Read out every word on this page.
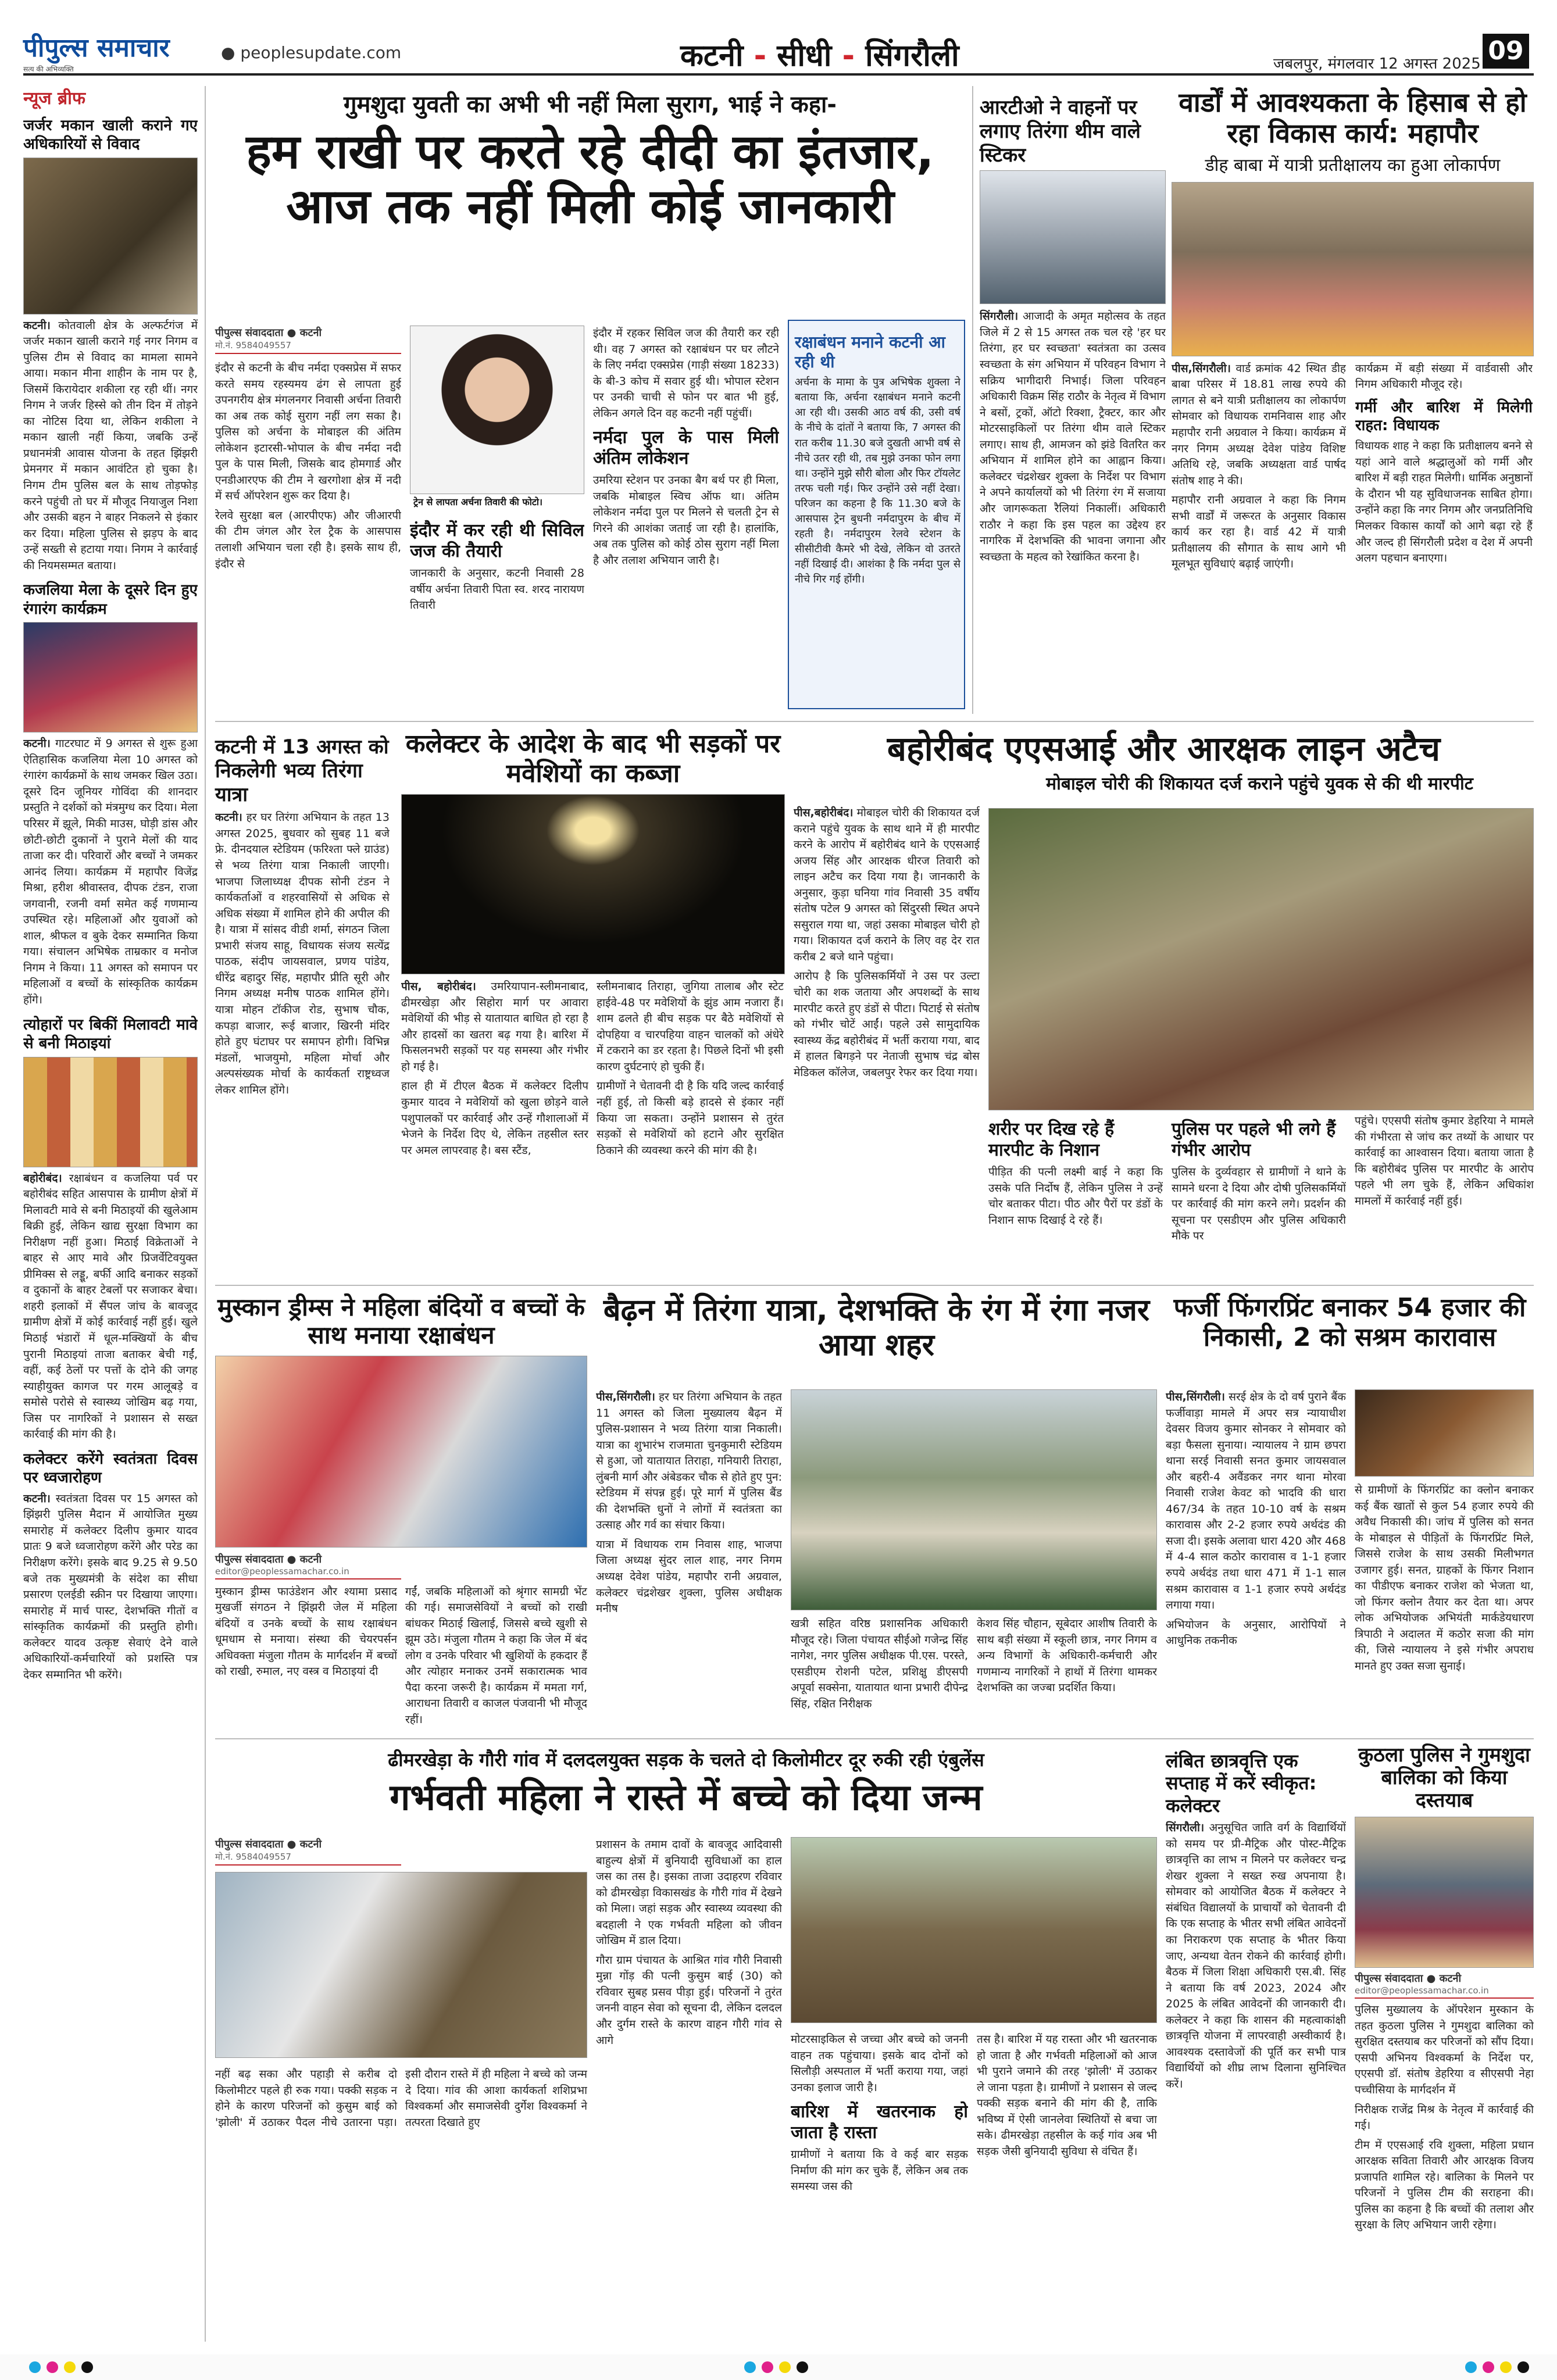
पीपुल्स समाचार
सत्य की अभिव्यक्ति
● peoplesupdate.com	कटनी - सीधी - सिंगरौली	जबलपुर, मंगलवार 12 अगस्त 2025 09
न्यूज ब्रीफ
जर्जर मकान खाली कराने गए अधिकारियों से विवाद

कटनी। कोतवाली क्षेत्र के अल्फर्टगंज में जर्जर मकान खाली कराने गई नगर निगम व पुलिस टीम से विवाद का मामला सामने आया। मकान मीना शाहीन के नाम पर है, जिसमें किरायेदार शकीला रह रही थीं। नगर निगम ने जर्जर हिस्से को तीन दिन में तोड़ने का नोटिस दिया था, लेकिन शकीला ने मकान खाली नहीं किया, जबकि उन्हें प्रधानमंत्री आवास योजना के तहत झिंझरी प्रेमनगर में मकान आवंटित हो चुका है। निगम टीम पुलिस बल के साथ तोड़फोड़ करने पहुंची तो घर में मौजूद नियाजुल निशा और उसकी बहन ने बाहर निकलने से इंकार कर दिया। महिला पुलिस से झड़प के बाद उन्हें सख्ती से हटाया गया। निगम ने कार्रवाई की नियमसम्मत बताया।

कजलिया मेला के दूसरे दिन हुए रंगारंग कार्यक्रम

कटनी। गाटरघाट में 9 अगस्त से शुरू हुआ ऐतिहासिक कजलिया मेला 10 अगस्त को रंगारंग कार्यक्रमों के साथ जमकर खिल उठा। दूसरे दिन जूनियर गोविंदा की शानदार प्रस्तुति ने दर्शकों को मंत्रमुग्ध कर दिया। मेला परिसर में झूले, मिकी माउस, घोड़ी डांस और छोटी-छोटी दुकानों ने पुराने मेलों की याद ताजा कर दी। परिवारों और बच्चों ने जमकर आनंद लिया। कार्यक्रम में महापौर विजेंद्र मिश्रा, हरीश श्रीवास्तव, दीपक टंडन, राजा जगवानी, रजनी वर्मा समेत कई गणमान्य उपस्थित रहे। महिलाओं और युवाओं को शाल, श्रीफल व बुके देकर सम्मानित किया गया। संचालन अभिषेक ताम्रकार व मनोज निगम ने किया। 11 अगस्त को समापन पर महिलाओं व बच्चों के सांस्कृतिक कार्यक्रम होंगे।

त्योहारों पर बिकीं मिलावटी मावे से बनी मिठाइयां

बहोरीबंद। रक्षाबंधन व कजलिया पर्व पर बहोरीबंद सहित आसपास के ग्रामीण क्षेत्रों में मिलावटी मावे से बनी मिठाइयों की खुलेआम बिक्री हुई, लेकिन खाद्य सुरक्षा विभाग का निरीक्षण नहीं हुआ। मिठाई विक्रेताओं ने बाहर से आए मावे और प्रिजर्वेटिवयुक्त प्रीमिक्स से लड्डू, बर्फी आदि बनाकर सड़कों व दुकानों के बाहर टेबलों पर सजाकर बेचा। शहरी इलाकों में सैंपल जांच के बावजूद ग्रामीण क्षेत्रों में कोई कार्रवाई नहीं हुई। खुले मिठाई भंडारों में धूल-मक्खियों के बीच पुरानी मिठाइयां ताजा बताकर बेची गईं, वहीं, कई ठेलों पर पत्तों के दोने की जगह स्याहीयुक्त कागज पर गरम आलूबड़े व समोसे परोसे से स्वास्थ्य जोखिम बढ़ गया, जिस पर नागरिकों ने प्रशासन से सख्त कार्रवाई की मांग की है।

कलेक्टर करेंगे स्वतंत्रता दिवस पर ध्वजारोहण

कटनी। स्वतंत्रता दिवस पर 15 अगस्त को झिंझरी पुलिस मैदान में आयोजित मुख्य समारोह में कलेक्टर दिलीप कुमार यादव प्रातः 9 बजे ध्वजारोहण करेंगे और परेड का निरीक्षण करेंगे। इसके बाद 9.25 से 9.50 बजे तक मुख्यमंत्री के संदेश का सीधा प्रसारण एलईडी स्क्रीन पर दिखाया जाएगा। समारोह में मार्च पास्ट, देशभक्ति गीतों व सांस्कृतिक कार्यक्रमों की प्रस्तुति होगी। कलेक्टर यादव उत्कृष्ट सेवाएं देने वाले अधिकारियों-कर्मचारियों को प्रशस्ति पत्र देकर सम्मानित भी करेंगे।

गुमशुदा युवती का अभी भी नहीं मिला सुराग, भाई ने कहा-
हम राखी पर करते रहे दीदी का इंतजार, आज तक नहीं मिली कोई जानकारी
पीपुल्स संवाददाता ● कटनी
मो.नं. 9584049557

इंदौर से कटनी के बीच नर्मदा एक्सप्रेस में सफर करते समय रहस्यमय ढंग से लापता हुई उपनगरीय क्षेत्र मंगलनगर निवासी अर्चना तिवारी का अब तक कोई सुराग नहीं लग सका है। पुलिस को अर्चना के मोबाइल की अंतिम लोकेशन इटारसी-भोपाल के बीच नर्मदा नदी पुल के पास मिली, जिसके बाद होमगार्ड और एनडीआरएफ की टीम ने खरगोशा क्षेत्र में नदी में सर्च ऑपरेशन शुरू कर दिया है।

रेलवे सुरक्षा बल (आरपीएफ) और जीआरपी की टीम जंगल और रेल ट्रैक के आसपास तलाशी अभियान चला रही है। इसके साथ ही, इंदौर से

ट्रेन से लापता अर्चना तिवारी की फोटो।
इंदौर में कर रही थी सिविल जज की तैयारी

जानकारी के अनुसार, कटनी निवासी 28 वर्षीय अर्चना तिवारी पिता स्व. शरद नारायण तिवारी

इंदौर में रहकर सिविल जज की तैयारी कर रही थी। वह 7 अगस्त को रक्षाबंधन पर घर लौटने के लिए नर्मदा एक्सप्रेस (गाड़ी संख्या 18233) के बी-3 कोच में सवार हुई थी। भोपाल स्टेशन पर उनकी चाची से फोन पर बात भी हुई, लेकिन अगले दिन वह कटनी नहीं पहुंचीं।

नर्मदा पुल के पास मिली अंतिम लोकेशन

उमरिया स्टेशन पर उनका बैग बर्थ पर ही मिला, जबकि मोबाइल स्विच ऑफ था। अंतिम लोकेशन नर्मदा पुल पर मिलने से चलती ट्रेन से गिरने की आशंका जताई जा रही है। हालांकि, अब तक पुलिस को कोई ठोस सुराग नहीं मिला है और तलाश अभियान जारी है।

रक्षाबंधन मनाने कटनी आ रही थी

अर्चना के मामा के पुत्र अभिषेक शुक्ला ने बताया कि, अर्चना रक्षाबंधन मनाने कटनी आ रही थी। उसकी आठ वर्ष की, उसी वर्ष के नीचे के दांतों ने बताया कि, 7 अगस्त की रात करीब 11.30 बजे दुखती आभी वर्ष से नीचे उतर रही थी, तब मुझे उनका फोन लगा था। उन्होंने मुझे सौरी बोला और फिर टॉयलेट तरफ चली गई। फिर उन्होंने उसे नहीं देखा। परिजन का कहना है कि 11.30 बजे के आसपास ट्रेन बुधनी नर्मदापुरम के बीच में रहती है। नर्मदापुरम रेलवे स्टेशन के सीसीटीवी कैमरे भी देखे, लेकिन वो उतरते नहीं दिखाई दी। आशंका है कि नर्मदा पुल से नीचे गिर गई होंगी।

आरटीओ ने वाहनों पर लगाए तिरंगा थीम वाले स्टिकर

सिंगरौली। आजादी के अमृत महोत्सव के तहत जिले में 2 से 15 अगस्त तक चल रहे 'हर घर तिरंगा, हर घर स्वच्छता' स्वतंत्रता का उत्सव स्वच्छता के संग अभियान में परिवहन विभाग ने सक्रिय भागीदारी निभाई। जिला परिवहन अधिकारी विक्रम सिंह राठौर के नेतृत्व में विभाग ने बसों, ट्रकों, ऑटो रिक्शा, ट्रैक्टर, कार और मोटरसाइकिलों पर तिरंगा थीम वाले स्टिकर लगाए। साथ ही, आमजन को झंडे वितरित कर अभियान में शामिल होने का आह्वान किया। कलेक्टर चंद्रशेखर शुक्ला के निर्देश पर विभाग ने अपने कार्यालयों को भी तिरंगा रंग में सजाया और जागरूकता रैलियां निकालीं। अधिकारी राठौर ने कहा कि इस पहल का उद्देश्य हर नागरिक में देशभक्ति की भावना जगाना और स्वच्छता के महत्व को रेखांकित करना है।

वार्डों में आवश्यकता के हिसाब से हो रहा विकास कार्य: महापौर
डीह बाबा में यात्री प्रतीक्षालय का हुआ लोकार्पण

पीस,सिंगरौली। वार्ड क्रमांक 42 स्थित डीह बाबा परिसर में 18.81 लाख रुपये की लागत से बने यात्री प्रतीक्षालय का लोकार्पण सोमवार को विधायक रामनिवास शाह और महापौर रानी अग्रवाल ने किया। कार्यक्रम में नगर निगम अध्यक्ष देवेश पांडेय विशिष्ट अतिथि रहे, जबकि अध्यक्षता वार्ड पार्षद संतोष शाह ने की।

महापौर रानी अग्रवाल ने कहा कि निगम सभी वार्डों में जरूरत के अनुसार विकास कार्य कर रहा है। वार्ड 42 में यात्री प्रतीक्षालय की सौगात के साथ आगे भी मूलभूत सुविधाएं बढ़ाई जाएंगी।

कार्यक्रम में बड़ी संख्या में वार्डवासी और निगम अधिकारी मौजूद रहे।

गर्मी और बारिश में मिलेगी राहत: विधायक

विधायक शाह ने कहा कि प्रतीक्षालय बनने से यहां आने वाले श्रद्धालुओं को गर्मी और बारिश में बड़ी राहत मिलेगी। धार्मिक अनुष्ठानों के दौरान भी यह सुविधाजनक साबित होगा। उन्होंने कहा कि नगर निगम और जनप्रतिनिधि मिलकर विकास कार्यों को आगे बढ़ा रहे हैं और जल्द ही सिंगरौली प्रदेश व देश में अपनी अलग पहचान बनाएगा।

कटनी में 13 अगस्त को निकलेगी भव्य तिरंगा यात्रा

कटनी। हर घर तिरंगा अभियान के तहत 13 अगस्त 2025, बुधवार को सुबह 11 बजे फ्रे. दीनदयाल स्टेडियम (फरिश्ता फ्ले ग्राउंड) से भव्य तिरंगा यात्रा निकाली जाएगी। भाजपा जिलाध्यक्ष दीपक सोनी टंडन ने कार्यकर्ताओं व शहरवासियों से अधिक से अधिक संख्या में शामिल होने की अपील की है। यात्रा में सांसद वीडी शर्मा, संगठन जिला प्रभारी संजय साहू, विधायक संजय सत्येंद्र पाठक, संदीप जायसवाल, प्रणय पांडेय, धीरेंद्र बहादुर सिंह, महापौर प्रीति सूरी और निगम अध्यक्ष मनीष पाठक शामिल होंगे। यात्रा मोहन टॉकीज रोड, सुभाष चौक, कपड़ा बाजार, रूई बाजार, खिरनी मंदिर होते हुए घंटाघर पर समापन होगी। विभिन्न मंडलों, भाजयुमो, महिला मोर्चा और अल्पसंख्यक मोर्चा के कार्यकर्ता राष्ट्रध्वज लेकर शामिल होंगे।

कलेक्टर के आदेश के बाद भी सड़कों पर मवेशियों का कब्जा

पीस, बहोरीबंद। उमरियापान-स्लीमनाबाद, ढीमरखेड़ा और सिहोरा मार्ग पर आवारा मवेशियों की भीड़ से यातायात बाधित हो रहा है और हादसों का खतरा बढ़ गया है। बारिश में फिसलनभरी सड़कों पर यह समस्या और गंभीर हो गई है।

हाल ही में टीएल बैठक में कलेक्टर दिलीप कुमार यादव ने मवेशियों को खुला छोड़ने वाले पशुपालकों पर कार्रवाई और उन्हें गौशालाओं में भेजने के निर्देश दिए थे, लेकिन तहसील स्तर पर अमल लापरवाह है। बस स्टैंड,

स्लीमनाबाद तिराहा, जुगिया तालाब और स्टेट हाईवे-48 पर मवेशियों के झुंड आम नजारा हैं। शाम ढलते ही बीच सड़क पर बैठे मवेशियों से दोपहिया व चारपहिया वाहन चालकों को अंधेरे में टकराने का डर रहता है। पिछले दिनों भी इसी कारण दुर्घटनाएं हो चुकी हैं।

ग्रामीणों ने चेतावनी दी है कि यदि जल्द कार्रवाई नहीं हुई, तो किसी बड़े हादसे से इंकार नहीं किया जा सकता। उन्होंने प्रशासन से तुरंत सड़कों से मवेशियों को हटाने और सुरक्षित ठिकाने की व्यवस्था करने की मांग की है।

बहोरीबंद एएसआई और आरक्षक लाइन अटैच
मोबाइल चोरी की शिकायत दर्ज कराने पहुंचे युवक से की थी मारपीट

पीस,बहोरीबंद। मोबाइल चोरी की शिकायत दर्ज कराने पहुंचे युवक के साथ थाने में ही मारपीट करने के आरोप में बहोरीबंद थाने के एएसआई अजय सिंह और आरक्षक धीरज तिवारी को लाइन अटैच कर दिया गया है। जानकारी के अनुसार, कुड़ा घनिया गांव निवासी 35 वर्षीय संतोष पटेल 9 अगस्त को सिंदुरसी स्थित अपने ससुराल गया था, जहां उसका मोबाइल चोरी हो गया। शिकायत दर्ज कराने के लिए वह देर रात करीब 2 बजे थाने पहुंचा।

आरोप है कि पुलिसकर्मियों ने उस पर उल्टा चोरी का शक जताया और अपशब्दों के साथ मारपीट करते हुए डंडों से पीटा। पिटाई से संतोष को गंभीर चोटें आईं। पहले उसे सामुदायिक स्वास्थ्य केंद्र बहोरीबंद में भर्ती कराया गया, बाद में हालत बिगड़ने पर नेताजी सुभाष चंद्र बोस मेडिकल कॉलेज, जबलपुर रेफर कर दिया गया।

शरीर पर दिख रहे हैं मारपीट के निशान

पीड़ित की पत्नी लक्ष्मी बाई ने कहा कि उसके पति निर्दोष हैं, लेकिन पुलिस ने उन्हें चोर बताकर पीटा। पीठ और पैरों पर डंडों के निशान साफ दिखाई दे रहे हैं।

पुलिस पर पहले भी लगे हैं गंभीर आरोप

पुलिस के दुर्व्यवहार से ग्रामीणों ने थाने के सामने धरना दे दिया और दोषी पुलिसकर्मियों पर कार्रवाई की मांग करने लगे। प्रदर्शन की सूचना पर एसडीएम और पुलिस अधिकारी मौके पर

पहुंचे। एएसपी संतोष कुमार डेहरिया ने मामले की गंभीरता से जांच कर तथ्यों के आधार पर कार्रवाई का आश्वासन दिया। बताया जाता है कि बहोरीबंद पुलिस पर मारपीट के आरोप पहले भी लग चुके हैं, लेकिन अधिकांश मामलों में कार्रवाई नहीं हुई।

मुस्कान ड्रीम्स ने महिला बंदियों व बच्चों के साथ मनाया रक्षाबंधन
पीपुल्स संवाददाता ● कटनी
editor@peoplessamachar.co.in

मुस्कान ड्रीम्स फाउंडेशन और श्यामा प्रसाद मुखर्जी संगठन ने झिंझरी जेल में महिला बंदियों व उनके बच्चों के साथ रक्षाबंधन धूमधाम से मनाया। संस्था की चेयरपर्सन अधिवक्ता मंजुला गौतम के मार्गदर्शन में बच्चों को राखी, रुमाल, नए वस्त्र व मिठाइयां दी

गईं, जबकि महिलाओं को श्रृंगार सामग्री भेंट की गई। समाजसेवियों ने बच्चों को राखी बांधकर मिठाई खिलाई, जिससे बच्चे खुशी से झूम उठे। मंजुला गौतम ने कहा कि जेल में बंद लोग व उनके परिवार भी खुशियों के हकदार हैं और त्योहार मनाकर उनमें सकारात्मक भाव पैदा करना जरूरी है। कार्यक्रम में ममता गर्ग, आराधना तिवारी व काजल पंजवानी भी मौजूद रहीं।

बैढ़न में तिरंगा यात्रा, देशभक्ति के रंग में रंगा नजर आया शहर

पीस,सिंगरौली। हर घर तिरंगा अभियान के तहत 11 अगस्त को जिला मुख्यालय बैढ़न में पुलिस-प्रशासन ने भव्य तिरंगा यात्रा निकाली। यात्रा का शुभारंभ राजमाता चुनकुमारी स्टेडियम से हुआ, जो यातायात तिराहा, गनियारी तिराहा, लुंबनी मार्ग और अंबेडकर चौक से होते हुए पुन: स्टेडियम में संपन्न हुई। पूरे मार्ग में पुलिस बैंड की देशभक्ति धुनों ने लोगों में स्वतंत्रता का उत्साह और गर्व का संचार किया।

यात्रा में विधायक राम निवास शाह, भाजपा जिला अध्यक्ष सुंदर लाल शाह, नगर निगम अध्यक्ष देवेश पांडेय, महापौर रानी अग्रवाल, कलेक्टर चंद्रशेखर शुक्ला, पुलिस अधीक्षक मनीष

खत्री सहित वरिष्ठ प्रशासनिक अधिकारी मौजूद रहे। जिला पंचायत सीईओ गजेन्द्र सिंह नागेश, नगर पुलिस अधीक्षक पी.एस. परस्ते, एसडीएम रोशनी पटेल, प्रशिक्षु डीएसपी अपूर्वा सक्सेना, यातायात थाना प्रभारी दीपेन्द्र सिंह, रक्षित निरीक्षक

केशव सिंह चौहान, सूबेदार आशीष तिवारी के साथ बड़ी संख्या में स्कूली छात्र, नगर निगम व अन्य विभागों के अधिकारी-कर्मचारी और गणमान्य नागरिकों ने हाथों में तिरंगा थामकर देशभक्ति का जज्बा प्रदर्शित किया।

फर्जी फिंगरप्रिंट बनाकर 54 हजार की निकासी, 2 को सश्रम कारावास

पीस,सिंगरौली। सरई क्षेत्र के दो वर्ष पुराने बैंक फर्जीवाड़ा मामले में अपर सत्र न्यायाधीश देवसर विजय कुमार सोनकर ने सोमवार को बड़ा फैसला सुनाया। न्यायालय ने ग्राम छपरा थाना सरई निवासी सनत कुमार जायसवाल और बहरी-4 अवैंडकर नगर थाना मोरवा निवासी राजेश केवट को भादवि की धारा 467/34 के तहत 10-10 वर्ष के सश्रम कारावास और 2-2 हजार रुपये अर्थदंड की सजा दी। इसके अलावा धारा 420 और 468 में 4-4 साल कठोर कारावास व 1-1 हजार रुपये अर्थदंड तथा धारा 471 में 1-1 साल सश्रम कारावास व 1-1 हजार रुपये अर्थदंड लगाया गया।

अभियोजन के अनुसार, आरोपियों ने आधुनिक तकनीक

से ग्रामीणों के फिंगरप्रिंट का क्लोन बनाकर कई बैंक खातों से कुल 54 हजार रुपये की अवैध निकासी की। जांच में पुलिस को सनत के मोबाइल से पीड़ितों के फिंगरप्रिंट मिले, जिससे राजेश के साथ उसकी मिलीभगत उजागर हुई। सनत, ग्राहकों के फिंगर निशान का पीडीएफ बनाकर राजेश को भेजता था, जो फिंगर क्लोन तैयार कर देता था। अपर लोक अभियोजक अभियंती मार्कडेयधारण त्रिपाठी ने अदालत में कठोर सजा की मांग की, जिसे न्यायालय ने इसे गंभीर अपराध मानते हुए उक्त सजा सुनाई।

ढीमरखेड़ा के गौरी गांव में दलदलयुक्त सड़क के चलते दो किलोमीटर दूर रुकी रही एंबुलेंस
गर्भवती महिला ने रास्ते में बच्चे को दिया जन्म
पीपुल्स संवाददाता ● कटनी
मो.नं. 9584049557

प्रशासन के तमाम दावों के बावजूद आदिवासी बाहुल्य क्षेत्रों में बुनियादी सुविधाओं का हाल जस का तस है। इसका ताजा उदाहरण रविवार को ढीमरखेड़ा विकासखंड के गौरी गांव में देखने को मिला। जहां सड़क और स्वास्थ्य व्यवस्था की बदहाली ने एक गर्भवती महिला को जीवन जोखिम में डाल दिया।

गौरा ग्राम पंचायत के आश्रित गांव गौरी निवासी मुन्ना गोंड़ की पत्नी कुसुम बाई (30) को रविवार सुबह प्रसव पीड़ा हुई। परिजनों ने तुरंत जननी वाहन सेवा को सूचना दी, लेकिन दलदल और दुर्गम रास्ते के कारण वाहन गौरी गांव से आगे

नहीं बढ़ सका और पहाड़ी से करीब दो किलोमीटर पहले ही रुक गया। पक्की सड़क न होने के कारण परिजनों को कुसुम बाई को 'झोली' में उठाकर पैदल नीचे उतारना पड़ा। इसी दौरान रास्ते में ही महिला ने बच्चे को जन्म दे दिया। गांव की आशा कार्यकर्ता शशिप्रभा विश्वकर्मा और समाजसेवी दुर्गेश विश्वकर्मा ने तत्परता दिखाते हुए

मोटरसाइकिल से जच्चा और बच्चे को जननी वाहन तक पहुंचाया। इसके बाद दोनों को सिलौड़ी अस्पताल में भर्ती कराया गया, जहां उनका इलाज जारी है।

बारिश में खतरनाक हो जाता है रास्ता

ग्रामीणों ने बताया कि वे कई बार सड़क निर्माण की मांग कर चुके हैं, लेकिन अब तक समस्या जस की

तस है। बारिश में यह रास्ता और भी खतरनाक हो जाता है और गर्भवती महिलाओं को आज भी पुराने जमाने की तरह 'झोली' में उठाकर ले जाना पड़ता है। ग्रामीणों ने प्रशासन से जल्द पक्की सड़क बनाने की मांग की है, ताकि भविष्य में ऐसी जानलेवा स्थितियों से बचा जा सके। ढीमरखेड़ा तहसील के कई गांव अब भी सड़क जैसी बुनियादी सुविधा से वंचित हैं।

लंबित छात्रवृत्ति एक सप्ताह में करें स्वीकृत: कलेक्टर

सिंगरौली। अनुसूचित जाति वर्ग के विद्यार्थियों को समय पर प्री-मैट्रिक और पोस्ट-मैट्रिक छात्रवृत्ति का लाभ न मिलने पर कलेक्टर चन्द्र शेखर शुक्ला ने सख्त रुख अपनाया है। सोमवार को आयोजित बैठक में कलेक्टर ने संबंधित विद्यालयों के प्राचार्यों को चेतावनी दी कि एक सप्ताह के भीतर सभी लंबित आवेदनों का निराकरण एक सप्ताह के भीतर किया जाए, अन्यथा वेतन रोकने की कार्रवाई होगी। बैठक में जिला शिक्षा अधिकारी एस.बी. सिंह ने बताया कि वर्ष 2023, 2024 और 2025 के लंबित आवेदनों की जानकारी दी। कलेक्टर ने कहा कि शासन की महत्वाकांक्षी छात्रवृत्ति योजना में लापरवाही अस्वीकार्य है। आवश्यक दस्तावेजों की पूर्ति कर सभी पात्र विद्यार्थियों को शीघ्र लाभ दिलाना सुनिश्चित करें।

कुठला पुलिस ने गुमशुदा बालिका को किया दस्तयाब
पीपुल्स संवाददाता ● कटनी
editor@peoplessamachar.co.in

पुलिस मुख्यालय के ऑपरेशन मुस्कान के तहत कुठला पुलिस ने गुमशुदा बालिका को सुरक्षित दस्तयाब कर परिजनों को सौंप दिया। एसपी अभिनय विश्वकर्मा के निर्देश पर, एएसपी डॉ. संतोष डेहरिया व सीएसपी नेहा पच्चीसिया के मार्गदर्शन में

निरीक्षक राजेंद्र मिश्र के नेतृत्व में कार्रवाई की गई।

टीम में एएसआई रवि शुक्ला, महिला प्रधान आरक्षक सविता तिवारी और आरक्षक विजय प्रजापति शामिल रहे। बालिका के मिलने पर परिजनों ने पुलिस टीम की सराहना की। पुलिस का कहना है कि बच्चों की तलाश और सुरक्षा के लिए अभियान जारी रहेगा।
